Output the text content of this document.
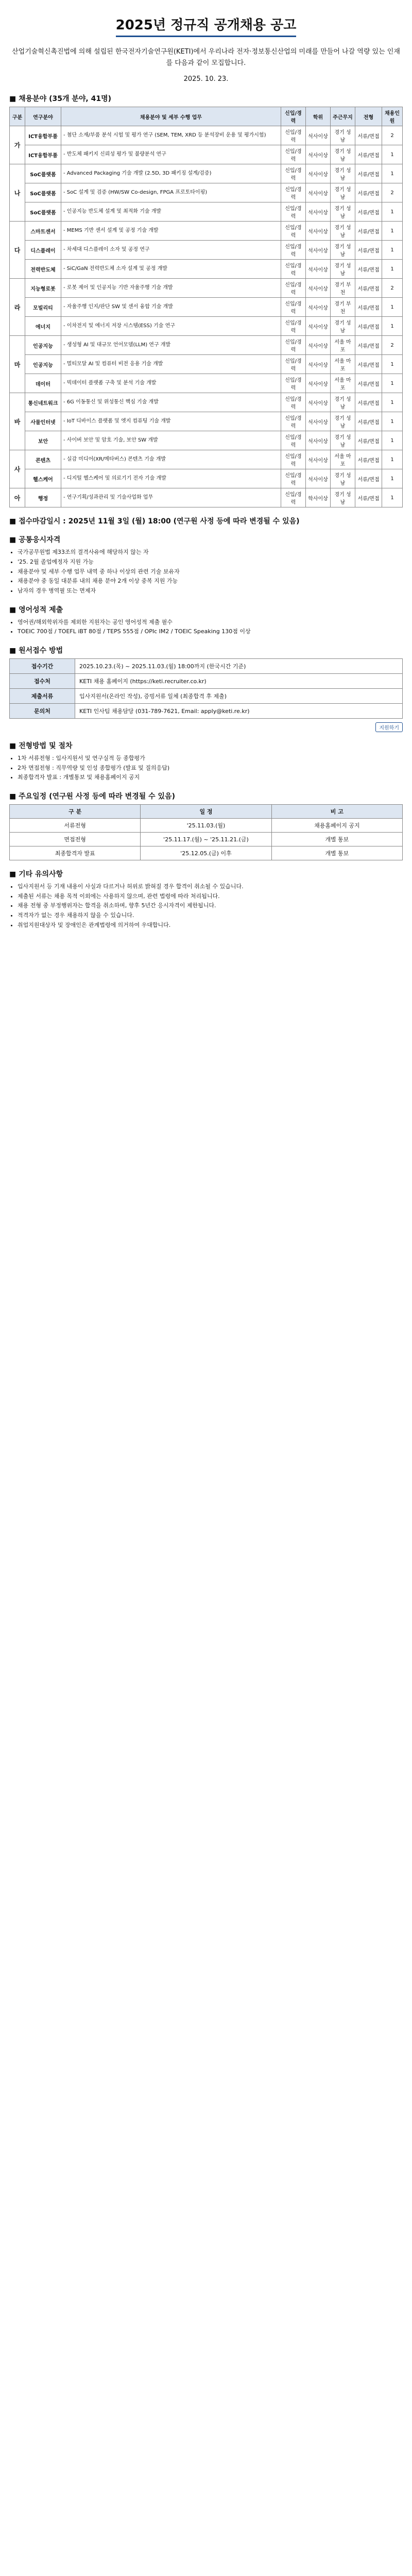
2025년 정규직 공개채용 공고
산업기술혁신촉진법에 의해 설립된 한국전자기술연구원(KETI)에서 우리나라 전자·정보통신산업의 미래를 만들어 나갈 역량 있는 인재를 다음과 같이 모집합니다.
2025. 10. 23.
■ 채용분야 (35개 분야, 41명)
구분	연구분야	채용분야 및 세부 수행 업무	신입/경력	학위	주근무지	전형	채용인원
가	ICT융합부품	- 첨단 소재/부품 분석 시험 및 평가 연구 (SEM, TEM, XRD 등 분석장비 운용 및 평가시험)	신입/경력	석사이상	경기 성남	서류/면접	2
	ICT융합부품	- 반도체 패키지 신뢰성 평가 및 불량분석 연구	신입/경력	석사이상	경기 성남	서류/면접	1
나	SoC플랫폼	- Advanced Packaging 기술 개발 (2.5D, 3D 패키징 설계/검증)	신입/경력	석사이상	경기 성남	서류/면접	1
	SoC플랫폼	- SoC 설계 및 검증 (HW/SW Co-design, FPGA 프로토타이핑)	신입/경력	석사이상	경기 성남	서류/면접	2
	SoC플랫폼	- 인공지능 반도체 설계 및 최적화 기술 개발	신입/경력	석사이상	경기 성남	서류/면접	1
다	스마트센서	- MEMS 기반 센서 설계 및 공정 기술 개발	신입/경력	석사이상	경기 성남	서류/면접	1
	디스플레이	- 차세대 디스플레이 소자 및 공정 연구	신입/경력	석사이상	경기 성남	서류/면접	1
	전력반도체	- SiC/GaN 전력반도체 소자 설계 및 공정 개발	신입/경력	석사이상	경기 성남	서류/면접	1
라	지능형로봇	- 로봇 제어 및 인공지능 기반 자율주행 기술 개발	신입/경력	석사이상	경기 부천	서류/면접	2
	모빌리티	- 자율주행 인지/판단 SW 및 센서 융합 기술 개발	신입/경력	석사이상	경기 부천	서류/면접	1
	에너지	- 이차전지 및 에너지 저장 시스템(ESS) 기술 연구	신입/경력	석사이상	경기 성남	서류/면접	1
마	인공지능	- 생성형 AI 및 대규모 언어모델(LLM) 연구 개발	신입/경력	석사이상	서울 마포	서류/면접	2
	인공지능	- 멀티모달 AI 및 컴퓨터 비전 응용 기술 개발	신입/경력	석사이상	서울 마포	서류/면접	1
	데이터	- 빅데이터 플랫폼 구축 및 분석 기술 개발	신입/경력	석사이상	서울 마포	서류/면접	1
바	통신네트워크	- 6G 이동통신 및 위성통신 핵심 기술 개발	신입/경력	석사이상	경기 성남	서류/면접	1
	사물인터넷	- IoT 디바이스 플랫폼 및 엣지 컴퓨팅 기술 개발	신입/경력	석사이상	경기 성남	서류/면접	1
	보안	- 사이버 보안 및 암호 기술, 보안 SW 개발	신입/경력	석사이상	경기 성남	서류/면접	1
사	콘텐츠	- 실감 미디어(XR/메타버스) 콘텐츠 기술 개발	신입/경력	석사이상	서울 마포	서류/면접	1
	헬스케어	- 디지털 헬스케어 및 의료기기 전자 기술 개발	신입/경력	석사이상	경기 성남	서류/면접	1
아	행정	- 연구기획/성과관리 및 기술사업화 업무	신입/경력	학사이상	경기 성남	서류/면접	1
■ 접수마감일시 : 2025년 11월 3일 (월) 18:00 (연구원 사정 등에 따라 변경될 수 있음)
■ 공통응시자격
• 국가공무원법 제33조의 결격사유에 해당하지 않는 자
• '25. 2월 졸업예정자 지원 가능
• 채용분야 및 세부 수행 업무 내역 중 하나 이상의 관련 기술 보유자
• 채용분야 중 동일 대분류 내의 채용 분야 2개 이상 중복 지원 가능
• 남자의 경우 병역필 또는 면제자
■ 영어성적 제출
• 영어권/해외학위자를 제외한 지원자는 공인 영어성적 제출 필수
• TOEIC 700점 / TOEFL iBT 80점 / TEPS 555점 / OPIc IM2 / TOEIC Speaking 130점 이상
■ 원서접수 방법
접수기간	2025.10.23.(목) ~ 2025.11.03.(월) 18:00까지 (한국시간 기준)
접수처	KETI 채용 홈페이지 (https://keti.recruiter.co.kr)
제출서류	입사지원서(온라인 작성), 증빙서류 일체 (최종합격 후 제출)
문의처	KETI 인사팀 채용담당 (031-789-7621, Email: apply@keti.re.kr)
지원하기
■ 전형방법 및 절차
• 1차 서류전형 : 입사지원서 및 연구실적 등 종합평가
• 2차 면접전형 : 직무역량 및 인성 종합평가 (발표 및 질의응답)
• 최종합격자 발표 : 개별통보 및 채용홈페이지 공지
■ 주요일정 (연구원 사정 등에 따라 변경될 수 있음)
구 분	일 정	비 고
서류전형	'25.11.03.(월)	채용홈페이지 공지
면접전형	'25.11.17.(월) ~ '25.11.21.(금)	개별 통보
최종합격자 발표	'25.12.05.(금) 이후	개별 통보
■ 기타 유의사항
• 입사지원서 등 기재 내용이 사실과 다르거나 허위로 밝혀질 경우 합격이 취소될 수 있습니다.
• 제출된 서류는 채용 목적 이외에는 사용하지 않으며, 관련 법령에 따라 처리됩니다.
• 채용 전형 중 부정행위자는 합격을 취소하며, 향후 5년간 응시자격이 제한됩니다.
• 적격자가 없는 경우 채용하지 않을 수 있습니다.
• 취업지원대상자 및 장애인은 관계법령에 의거하여 우대합니다.
